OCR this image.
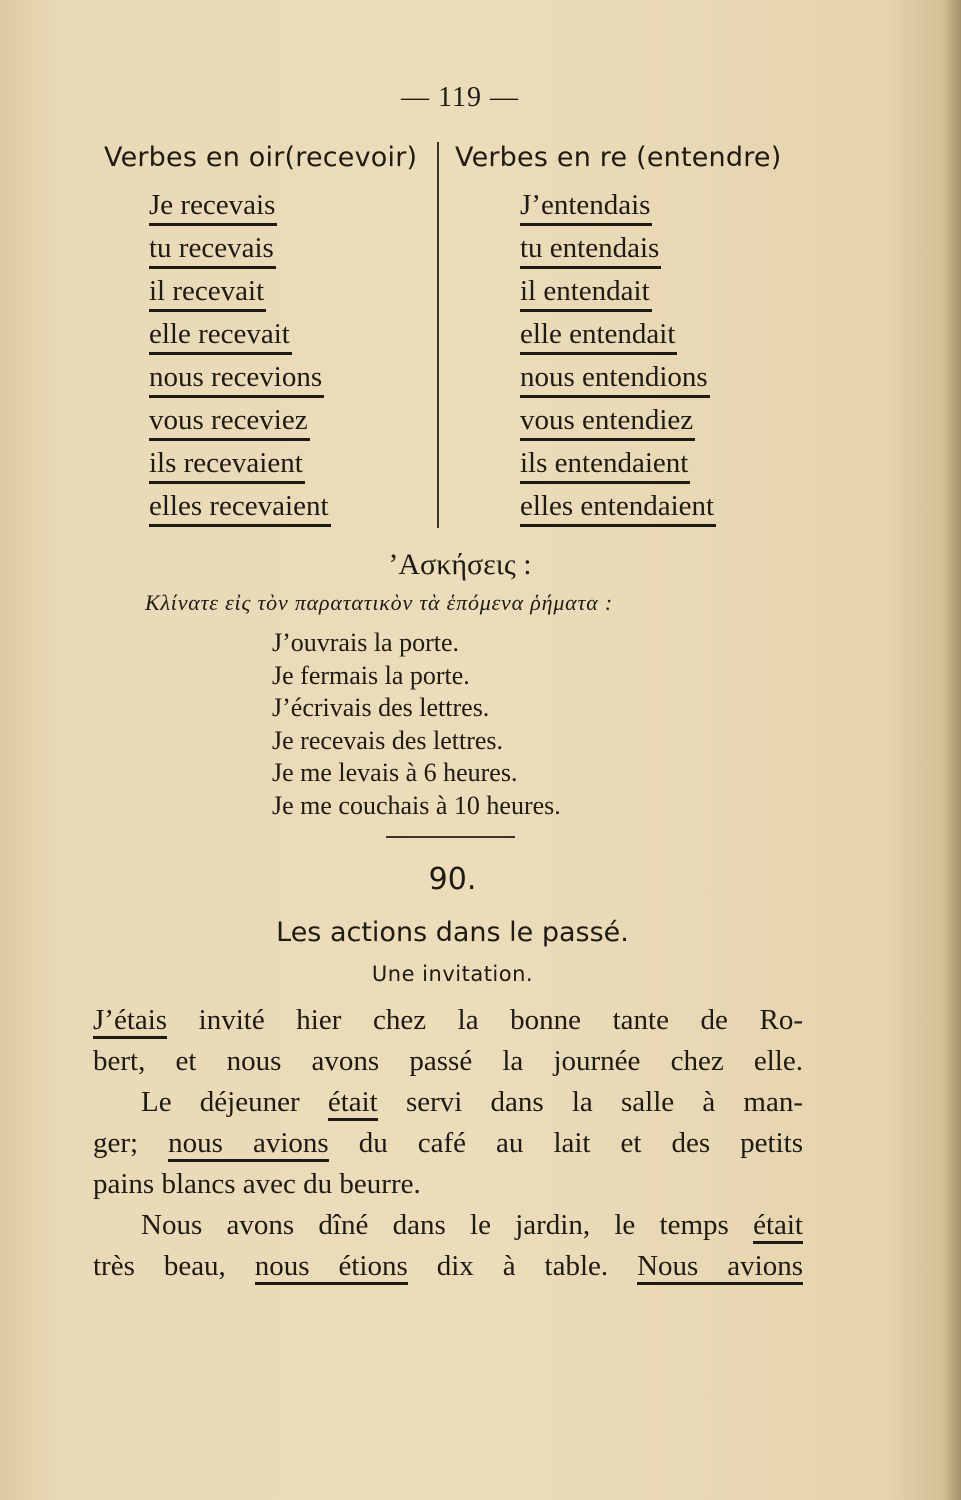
— 119 —
Verbes en oir(recevoir) Verbes en re (entendre)
Je recevais
tu recevais
il recevait
elle recevait
nous recevions
vous receviez
ils recevaient
elles recevaient
J’entendais
tu entendais
il entendait
elle entendait
nous entendions
vous entendiez
ils entendaient
elles entendaient
’Ασκήσεις :
Κλίνατε εἰς τὸν παρατατικὸν τὰ ἑπόμενα ῥήματα :
J’ouvrais la porte.
Je fermais la porte.
J’écrivais des lettres.
Je recevais des lettres.
Je me levais à 6 heures.
Je me couchais à 10 heures.
90.
Les actions dans le passé.
Une invitation.
J’étais invité hier chez la bonne tante de Ro-
bert, et nous avons passé la journée chez elle.
Le déjeuner était servi dans la salle à man-
ger; nous avions du café au lait et des petits
pains blancs avec du beurre.
Nous avons dîné dans le jardin, le temps était
très beau, nous étions dix à table. Nous avions
